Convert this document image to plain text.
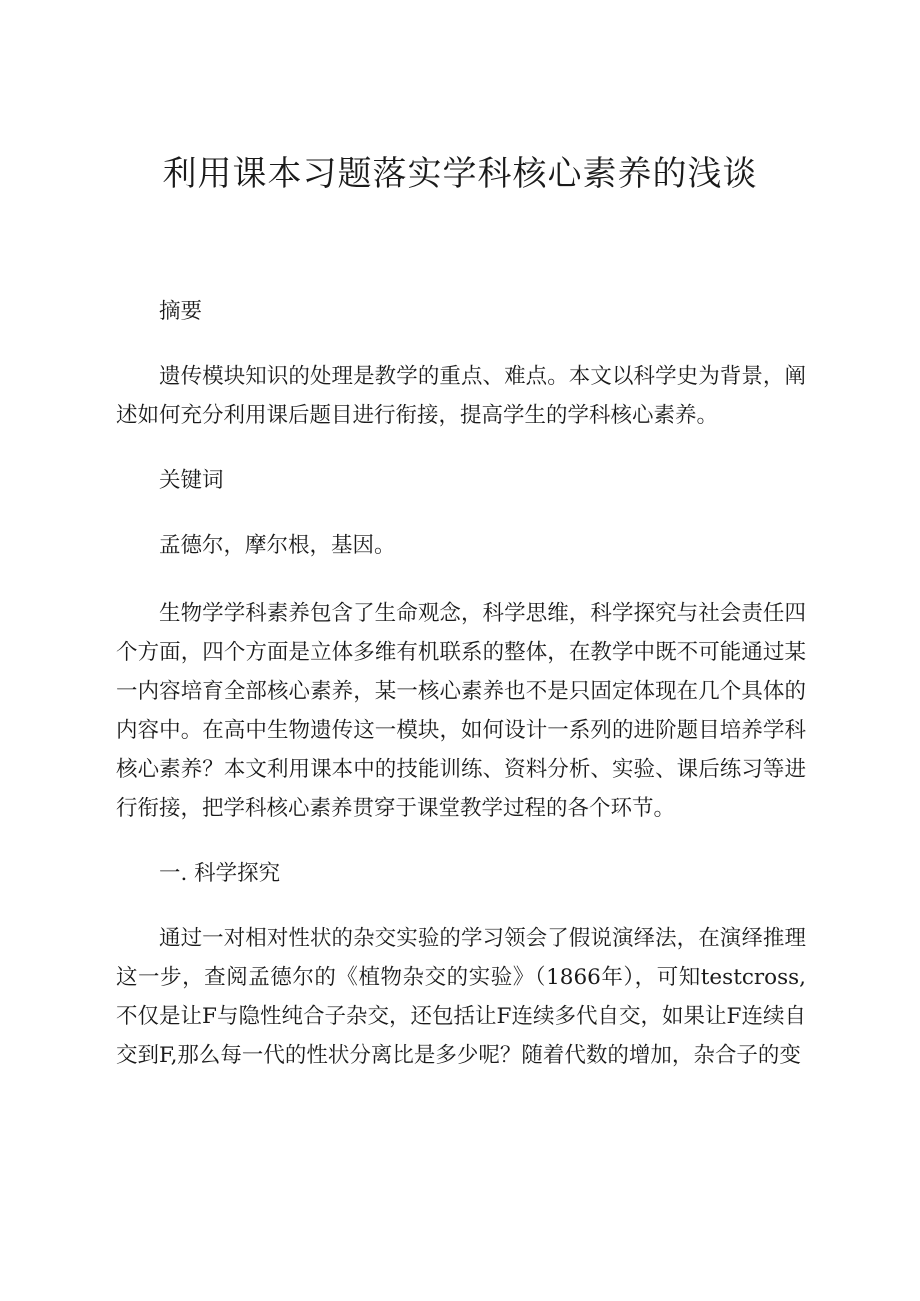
利用课本习题落实学科核心素养的浅谈

摘要

遗传模块知识的处理是教学的重点、难点。本文以科学史为背景，阐述如何充分利用课后题目进行衔接，提高学生的学科核心素养。

关键词

孟德尔，摩尔根，基因。

生物学学科素养包含了生命观念，科学思维，科学探究与社会责任四个方面，四个方面是立体多维有机联系的整体，在教学中既不可能通过某一内容培育全部核心素养，某一核心素养也不是只固定体现在几个具体的内容中。在高中生物遗传这一模块，如何设计一系列的进阶题目培养学科核心素养？本文利用课本中的技能训练、资料分析、实验、课后练习等进行衔接，把学科核心素养贯穿于课堂教学过程的各个环节。

一. 科学探究

通过一对相对性状的杂交实验的学习领会了假说演绎法，在演绎推理这一步，查阅孟德尔的《植物杂交的实验》（1866年），可知testcross,不仅是让F与隐性纯合子杂交，还包括让F连续多代自交，如果让F连续自交到F,那么每一代的性状分离比是多少呢？随着代数的增加，杂合子的变
